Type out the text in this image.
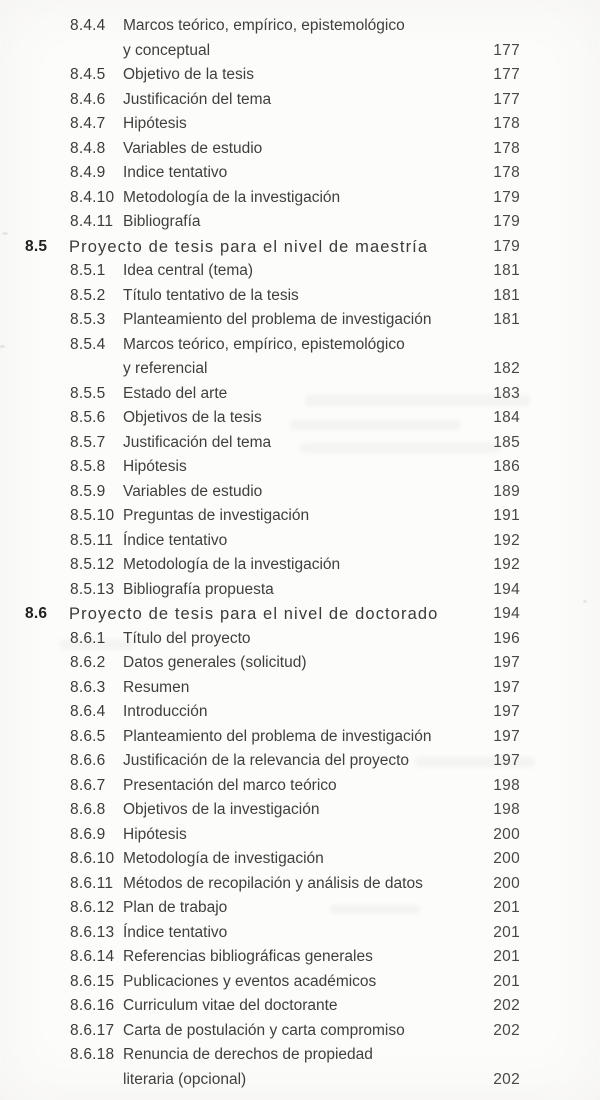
8.4.4 Marcos teórico, empírico, epistemológico
y conceptual	177
8.4.5 Objetivo de la tesis	177
8.4.6 Justificación del tema	177
8.4.7 Hipótesis	178
8.4.8 Variables de estudio	178
8.4.9 Indice tentativo	178
8.4.10 Metodología de la investigación	179
8.4.11 Bibliografía	179
8.5 Proyecto de tesis para el nivel de maestría	179
8.5.1 Idea central (tema)	181
8.5.2 Título tentativo de la tesis	181
8.5.3 Planteamiento del problema de investigación	181
8.5.4 Marcos teórico, empírico, epistemológico
y referencial	182
8.5.5 Estado del arte	183
8.5.6 Objetivos de la tesis	184
8.5.7 Justificación del tema	185
8.5.8 Hipótesis	186
8.5.9 Variables de estudio	189
8.5.10 Preguntas de investigación	191
8.5.11 Índice tentativo	192
8.5.12 Metodología de la investigación	192
8.5.13 Bibliografía propuesta	194
8.6 Proyecto de tesis para el nivel de doctorado	194
8.6.1 Título del proyecto	196
8.6.2 Datos generales (solicitud)	197
8.6.3 Resumen	197
8.6.4 Introducción	197
8.6.5 Planteamiento del problema de investigación	197
8.6.6 Justificación de la relevancia del proyecto	197
8.6.7 Presentación del marco teórico	198
8.6.8 Objetivos de la investigación	198
8.6.9 Hipótesis	200
8.6.10 Metodología de investigación	200
8.6.11 Métodos de recopilación y análisis de datos	200
8.6.12 Plan de trabajo	201
8.6.13 Índice tentativo	201
8.6.14 Referencias bibliográficas generales	201
8.6.15 Publicaciones y eventos académicos	201
8.6.16 Curriculum vitae del doctorante	202
8.6.17 Carta de postulación y carta compromiso	202
8.6.18 Renuncia de derechos de propiedad
literaria (opcional)	202
